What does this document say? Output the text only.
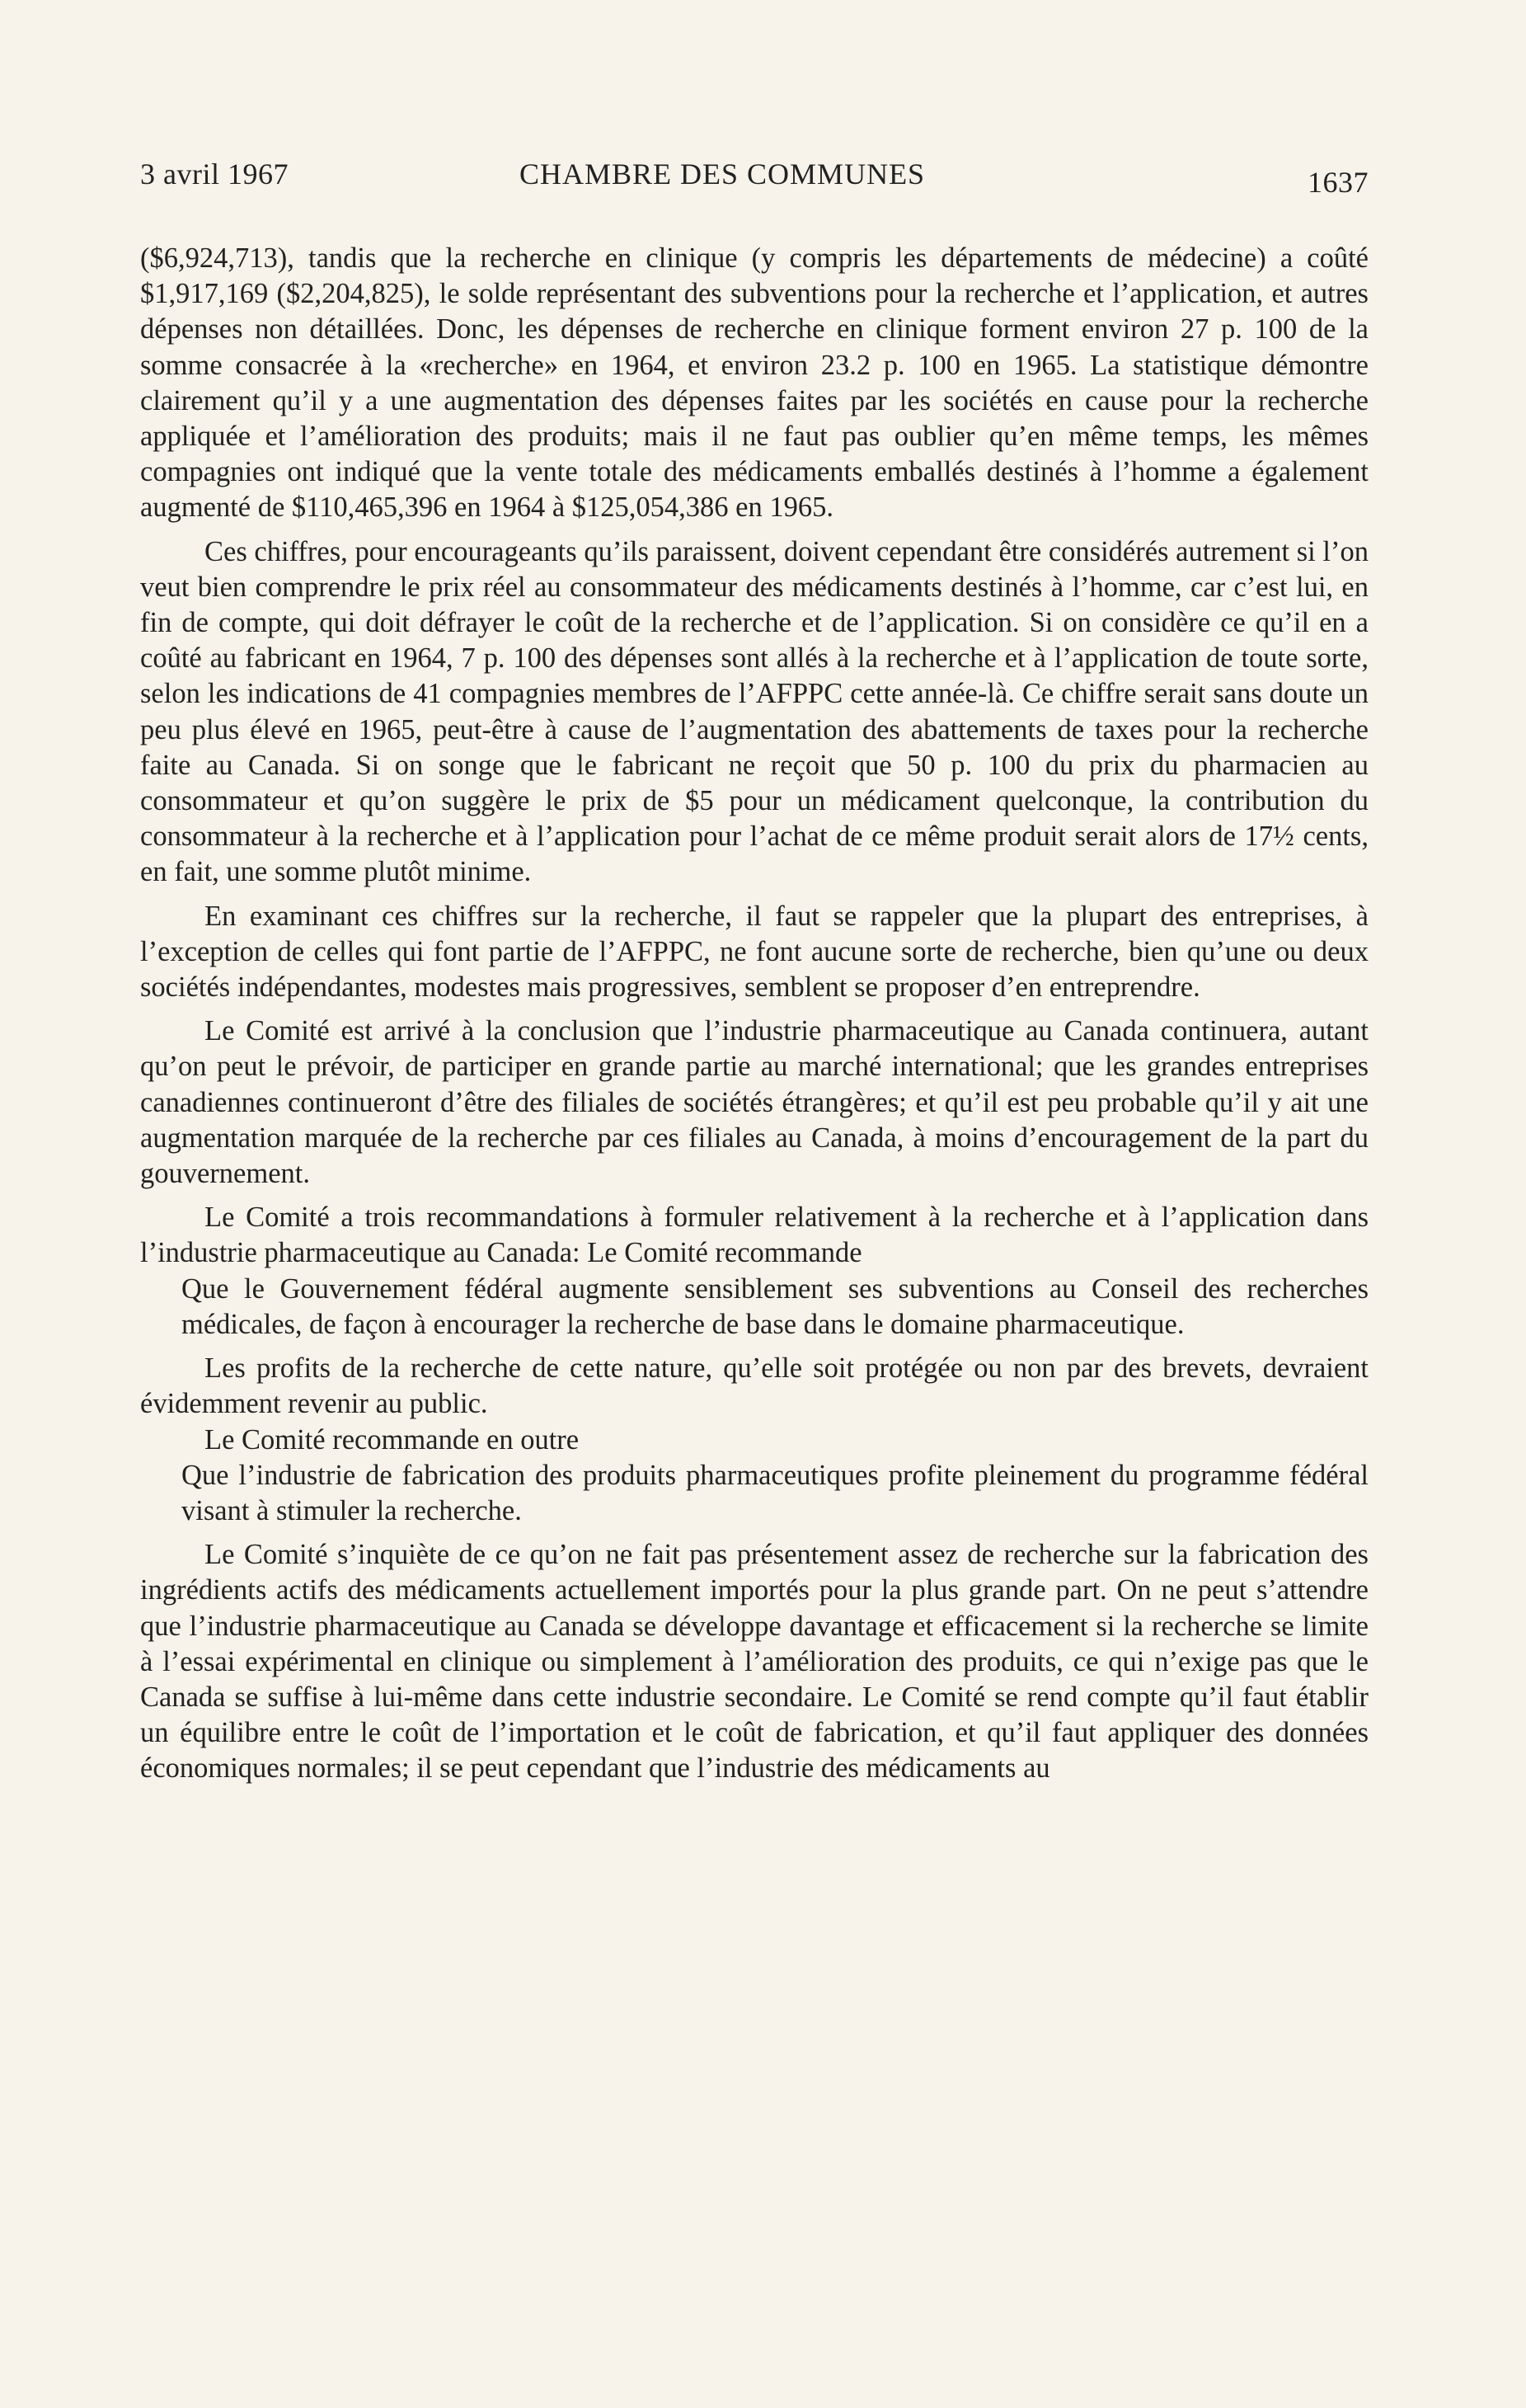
3 avril 1967	CHAMBRE DES COMMUNES	1637

($6,924,713), tandis que la recherche en clinique (y compris les départements de médecine) a coûté $1,917,169 ($2,204,825), le solde représentant des subventions pour la recherche et l’application, et autres dépenses non détaillées. Donc, les dépenses de recherche en clinique forment environ 27 p. 100 de la somme consacrée à la «recherche» en 1964, et environ 23.2 p. 100 en 1965. La statistique démontre clairement qu’il y a une augmentation des dépenses faites par les sociétés en cause pour la recherche appliquée et l’amélioration des produits; mais il ne faut pas oublier qu’en même temps, les mêmes compagnies ont indiqué que la vente totale des médicaments emballés destinés à l’homme a également augmenté de $110,465,396 en 1964 à $125,054,386 en 1965.

Ces chiffres, pour encourageants qu’ils paraissent, doivent cependant être considérés autrement si l’on veut bien comprendre le prix réel au consommateur des médicaments destinés à l’homme, car c’est lui, en fin de compte, qui doit défrayer le coût de la recherche et de l’application. Si on considère ce qu’il en a coûté au fabricant en 1964, 7 p. 100 des dépenses sont allés à la recherche et à l’application de toute sorte, selon les indications de 41 compagnies membres de l’AFPPC cette année-là. Ce chiffre serait sans doute un peu plus élevé en 1965, peut-être à cause de l’augmentation des abattements de taxes pour la recherche faite au Canada. Si on songe que le fabricant ne reçoit que 50 p. 100 du prix du pharmacien au consommateur et qu’on suggère le prix de $5 pour un médicament quelconque, la contribution du consommateur à la recherche et à l’application pour l’achat de ce même produit serait alors de 17½ cents, en fait, une somme plutôt minime.

En examinant ces chiffres sur la recherche, il faut se rappeler que la plupart des entreprises, à l’exception de celles qui font partie de l’AFPPC, ne font aucune sorte de recherche, bien qu’une ou deux sociétés indépendantes, modestes mais progressives, semblent se proposer d’en entreprendre.

Le Comité est arrivé à la conclusion que l’industrie pharmaceutique au Canada continuera, autant qu’on peut le prévoir, de participer en grande partie au marché international; que les grandes entreprises canadiennes continueront d’être des filiales de sociétés étrangères; et qu’il est peu probable qu’il y ait une augmentation marquée de la recherche par ces filiales au Canada, à moins d’encouragement de la part du gouvernement.

Le Comité a trois recommandations à formuler relativement à la recherche et à l’application dans l’industrie pharmaceutique au Canada: Le Comité recommande

Que le Gouvernement fédéral augmente sensiblement ses subventions au Conseil des recherches médicales, de façon à encourager la recherche de base dans le domaine pharmaceutique.

Les profits de la recherche de cette nature, qu’elle soit protégée ou non par des brevets, devraient évidemment revenir au public.

Le Comité recommande en outre

Que l’industrie de fabrication des produits pharmaceutiques profite pleinement du programme fédéral visant à stimuler la recherche.

Le Comité s’inquiète de ce qu’on ne fait pas présentement assez de recherche sur la fabrication des ingrédients actifs des médicaments actuellement importés pour la plus grande part. On ne peut s’attendre que l’industrie pharmaceutique au Canada se développe davantage et efficacement si la recherche se limite à l’essai expérimental en clinique ou simplement à l’amélioration des produits, ce qui n’exige pas que le Canada se suffise à lui-même dans cette industrie secondaire. Le Comité se rend compte qu’il faut établir un équilibre entre le coût de l’importation et le coût de fabrication, et qu’il faut appliquer des données économiques normales; il se peut cependant que l’industrie des médicaments au
